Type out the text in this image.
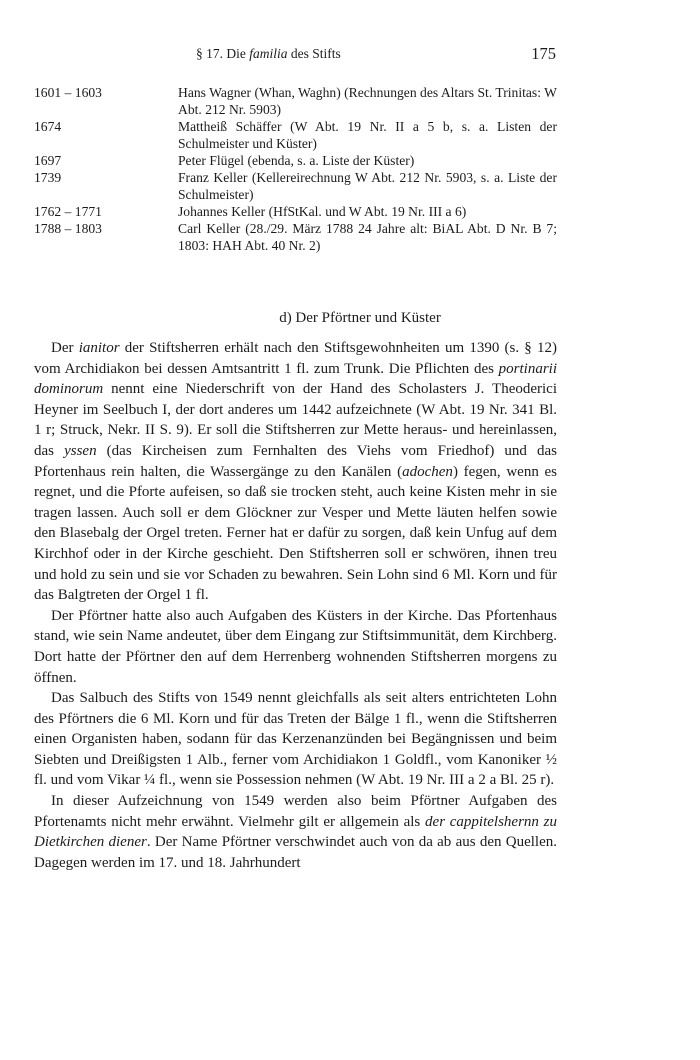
§ 17. Die familia des Stifts	175
1601 – 1603	Hans Wagner (Whan, Waghn) (Rechnungen des Altars St. Trinitas: W Abt. 212 Nr. 5903)
1674	Mattheiß Schäffer (W Abt. 19 Nr. II a 5 b, s. a. Listen der Schulmeister und Küster)
1697	Peter Flügel (ebenda, s. a. Liste der Küster)
1739	Franz Keller (Kellereirechnung W Abt. 212 Nr. 5903, s. a. Liste der Schulmeister)
1762 – 1771	Johannes Keller (HfStKal. und W Abt. 19 Nr. III a 6)
1788 – 1803	Carl Keller (28./29. März 1788 24 Jahre alt: BiAL Abt. D Nr. B 7; 1803: HAH Abt. 40 Nr. 2)
d) Der Pförtner und Küster

Der ianitor der Stiftsherren erhält nach den Stiftsgewohnheiten um 1390 (s. § 12) vom Archidiakon bei dessen Amtsantritt 1 fl. zum Trunk. Die Pflichten des portinarii dominorum nennt eine Niederschrift von der Hand des Scholasters J. Theoderici Heyner im Seelbuch I, der dort anderes um 1442 aufzeichnete (W Abt. 19 Nr. 341 Bl. 1 r; Struck, Nekr. II S. 9). Er soll die Stiftsherren zur Mette heraus- und hereinlassen, das yssen (das Kircheisen zum Fernhalten des Viehs vom Friedhof) und das Pfortenhaus rein halten, die Wassergänge zu den Kanälen (adochen) fegen, wenn es regnet, und die Pforte aufeisen, so daß sie trocken steht, auch keine Kisten mehr in sie tragen lassen. Auch soll er dem Glöckner zur Vesper und Mette läuten helfen sowie den Blasebalg der Orgel treten. Ferner hat er dafür zu sorgen, daß kein Unfug auf dem Kirchhof oder in der Kirche geschieht. Den Stiftsherren soll er schwören, ihnen treu und hold zu sein und sie vor Schaden zu bewahren. Sein Lohn sind 6 Ml. Korn und für das Balgtreten der Orgel 1 fl.

Der Pförtner hatte also auch Aufgaben des Küsters in der Kirche. Das Pfortenhaus stand, wie sein Name andeutet, über dem Eingang zur Stiftsimmunität, dem Kirchberg. Dort hatte der Pförtner den auf dem Herrenberg wohnenden Stiftsherren morgens zu öffnen.

Das Salbuch des Stifts von 1549 nennt gleichfalls als seit alters entrichteten Lohn des Pförtners die 6 Ml. Korn und für das Treten der Bälge 1 fl., wenn die Stiftsherren einen Organisten haben, sodann für das Kerzenanzünden bei Begängnissen und beim Siebten und Dreißigsten 1 Alb., ferner vom Archidiakon 1 Goldfl., vom Kanoniker ½ fl. und vom Vikar ¼ fl., wenn sie Possession nehmen (W Abt. 19 Nr. III a 2 a Bl. 25 r).

In dieser Aufzeichnung von 1549 werden also beim Pförtner Aufgaben des Pfortenamts nicht mehr erwähnt. Vielmehr gilt er allgemein als der cappitelshernn zu Dietkirchen diener. Der Name Pförtner verschwindet auch von da ab aus den Quellen. Dagegen werden im 17. und 18. Jahrhundert
